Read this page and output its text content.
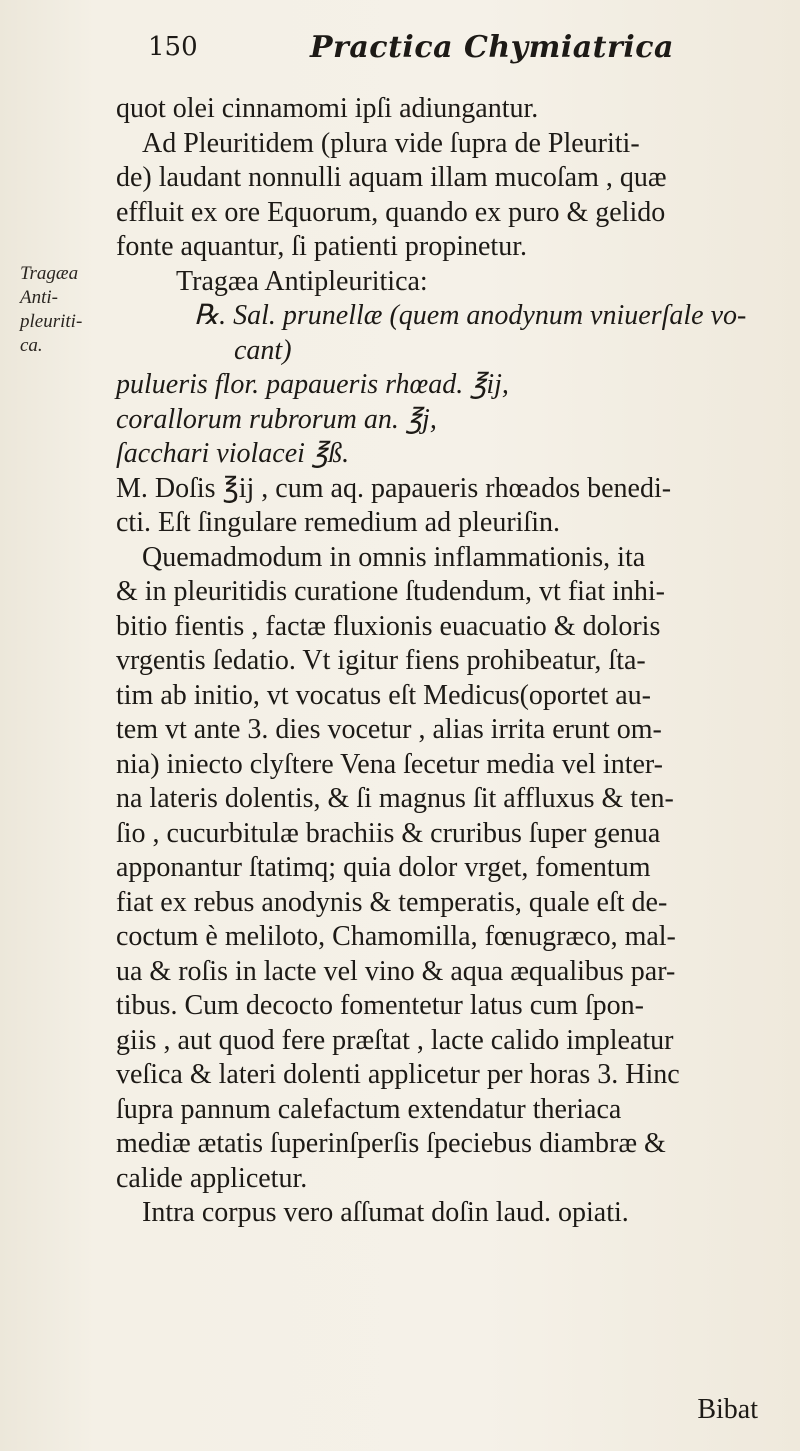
150	Practica Chymiatrica
Tragæa
Anti-
pleuriti-
ca.
quot olei cinnamomi ipſi adiungantur.
Ad Pleuritidem (plura vide ſupra de Pleuriti-
de) laudant nonnulli aquam illam mucoſam , quæ
effluit ex ore Equorum, quando ex puro & gelido
fonte aquantur, ſi patienti propinetur.
Tragæa Antipleuritica:
℞. Sal. prunellæ (quem anodynum vniuerſale vo-
cant)
pulueris flor. papaueris rhœad. ℥ij,
corallorum rubrorum an. ℥j,
ſacchari violacei ℥ß.
M. Doſis ℥ij , cum aq. papaueris rhœados benedi-
cti. Eſt ſingulare remedium ad pleuriſin.
Quemadmodum in omnis inflammationis, ita
& in pleuritidis curatione ſtudendum, vt fiat inhi-
bitio fientis , factæ fluxionis euacuatio & doloris
vrgentis ſedatio. Vt igitur fiens prohibeatur, ſta-
tim ab initio, vt vocatus eſt Medicus(oportet au-
tem vt ante 3. dies vocetur , alias irrita erunt om-
nia) iniecto clyſtere Vena ſecetur media vel inter-
na lateris dolentis, & ſi magnus ſit affluxus & ten-
ſio , cucurbitulæ brachiis & cruribus ſuper genua
apponantur ſtatimq; quia dolor vrget, fomentum
fiat ex rebus anodynis & temperatis, quale eſt de-
coctum è meliloto, Chamomilla, fœnugræco, mal-
ua & roſis in lacte vel vino & aqua æqualibus par-
tibus. Cum decocto fomentetur latus cum ſpon-
giis , aut quod fere præſtat , lacte calido impleatur
veſica & lateri dolenti applicetur per horas 3. Hinc
ſupra pannum calefactum extendatur theriaca
mediæ ætatis ſuperinſperſis ſpeciebus diambræ &
calide applicetur.
Intra corpus vero aſſumat doſin laud. opiati.
Bibat
